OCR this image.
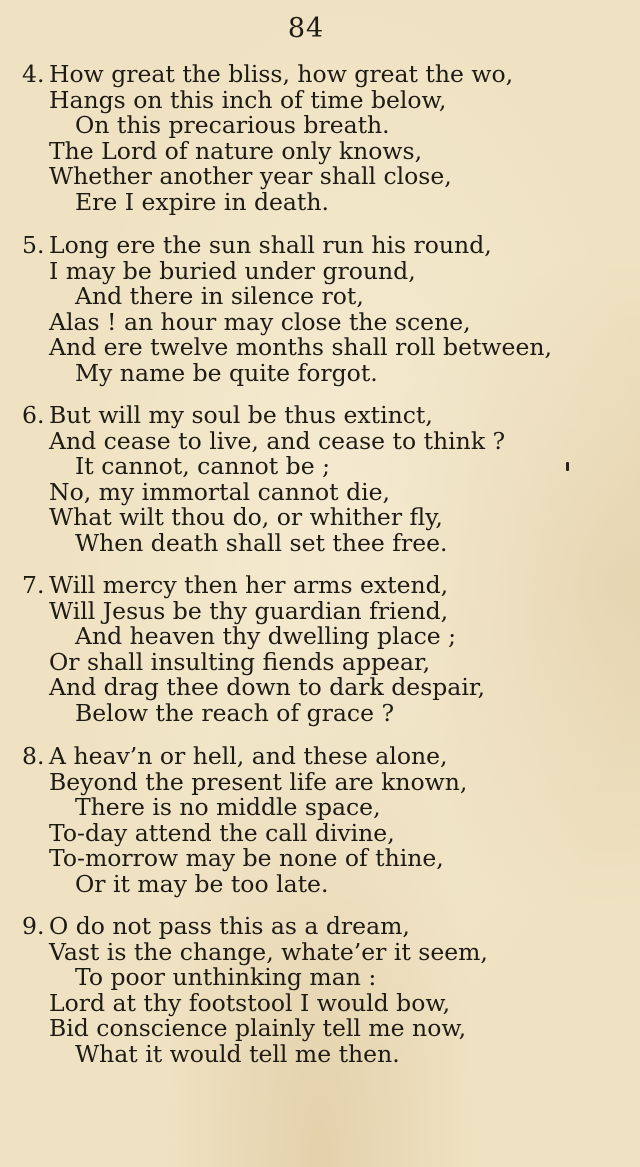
84
4. How great the bliss, how great the wo,
Hangs on this inch of time below,
On this precarious breath.
The Lord of nature only knows,
Whether another year shall close,
Ere I expire in death.
5. Long ere the sun shall run his round,
I may be buried under ground,
And there in silence rot,
Alas ! an hour may close the scene,
And ere twelve months shall roll between,
My name be quite forgot.
6. But will my soul be thus extinct,
And cease to live, and cease to think ?
It cannot, cannot be ;
No, my immortal cannot die,
What wilt thou do, or whither fly,
When death shall set thee free.
7. Will mercy then her arms extend,
Will Jesus be thy guardian friend,
And heaven thy dwelling place ;
Or shall insulting fiends appear,
And drag thee down to dark despair,
Below the reach of grace ?
8. A heav’n or hell, and these alone,
Beyond the present life are known,
There is no middle space,
To-day attend the call divine,
To-morrow may be none of thine,
Or it may be too late.
9. O do not pass this as a dream,
Vast is the change, whate’er it seem,
To poor unthinking man :
Lord at thy footstool I would bow,
Bid conscience plainly tell me now,
What it would tell me then.
